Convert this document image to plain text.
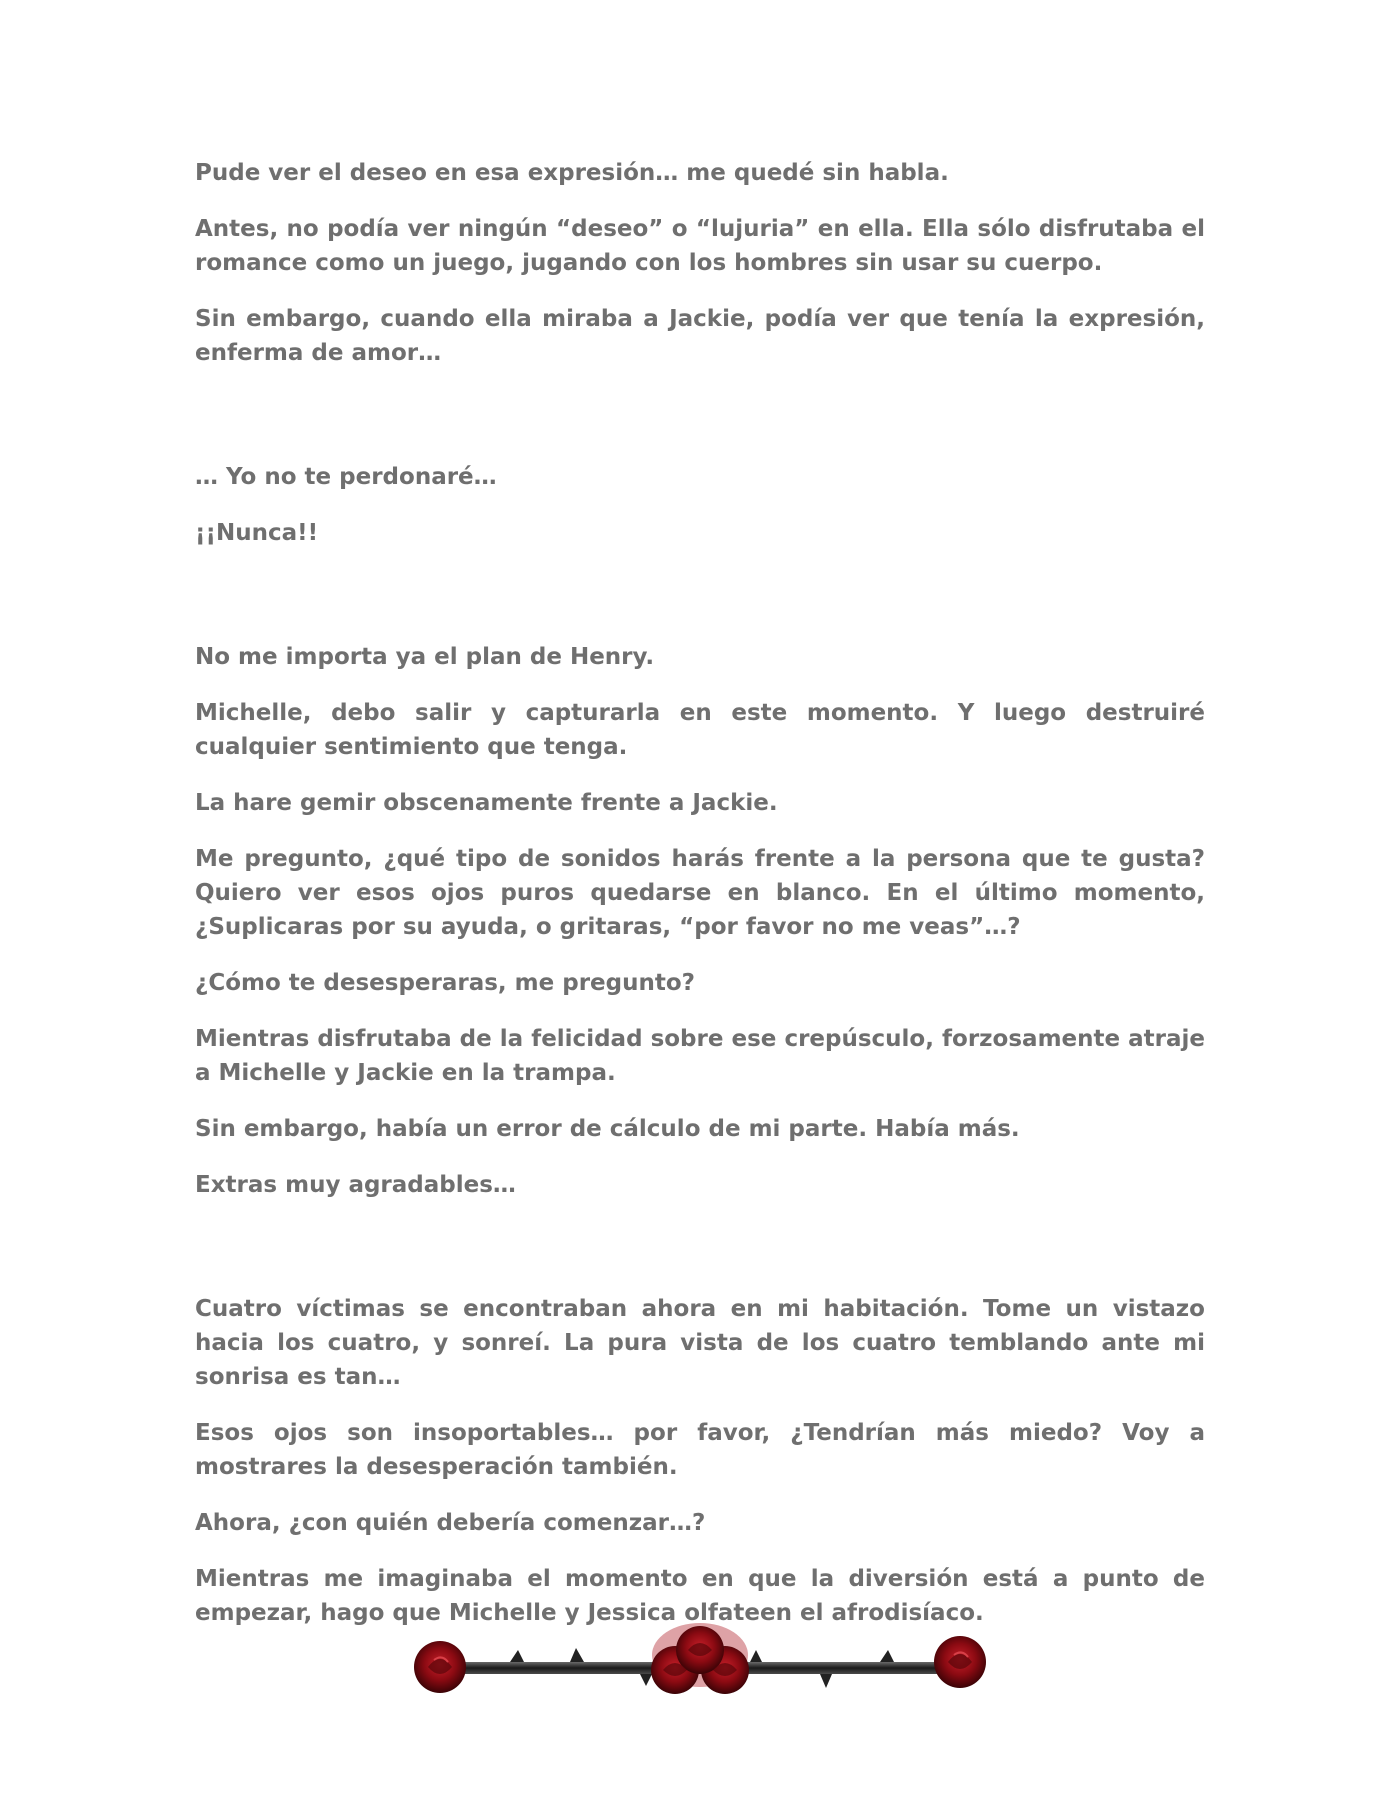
Pude ver el deseo en esa expresión… me quedé sin habla.

Antes, no podía ver ningún “deseo” o “lujuria” en ella. Ella sólo disfrutaba el romance como un juego, jugando con los hombres sin usar su cuerpo.

Sin embargo, cuando ella miraba a Jackie, podía ver que tenía la expresión, enferma de amor…

… Yo no te perdonaré…

¡¡Nunca!!

No me importa ya el plan de Henry.

Michelle, debo salir y capturarla en este momento. Y luego destruiré cualquier sentimiento que tenga.

La hare gemir obscenamente frente a Jackie.

Me pregunto, ¿qué tipo de sonidos harás frente a la persona que te gusta? Quiero ver esos ojos puros quedarse en blanco. En el último momento, ¿Suplicaras por su ayuda, o gritaras, “por favor no me veas”…?

¿Cómo te desesperaras, me pregunto?

Mientras disfrutaba de la felicidad sobre ese crepúsculo, forzosamente atraje a Michelle y Jackie en la trampa.

Sin embargo, había un error de cálculo de mi parte. Había más.

Extras muy agradables…

Cuatro víctimas se encontraban ahora en mi habitación. Tome un vistazo hacia los cuatro, y sonreí. La pura vista de los cuatro temblando ante mi sonrisa es tan…

Esos ojos son insoportables… por favor, ¿Tendrían más miedo? Voy a mostrares la desesperación también.

Ahora, ¿con quién debería comenzar…?

Mientras me imaginaba el momento en que la diversión está a punto de empezar, hago que Michelle y Jessica olfateen el afrodisíaco.
